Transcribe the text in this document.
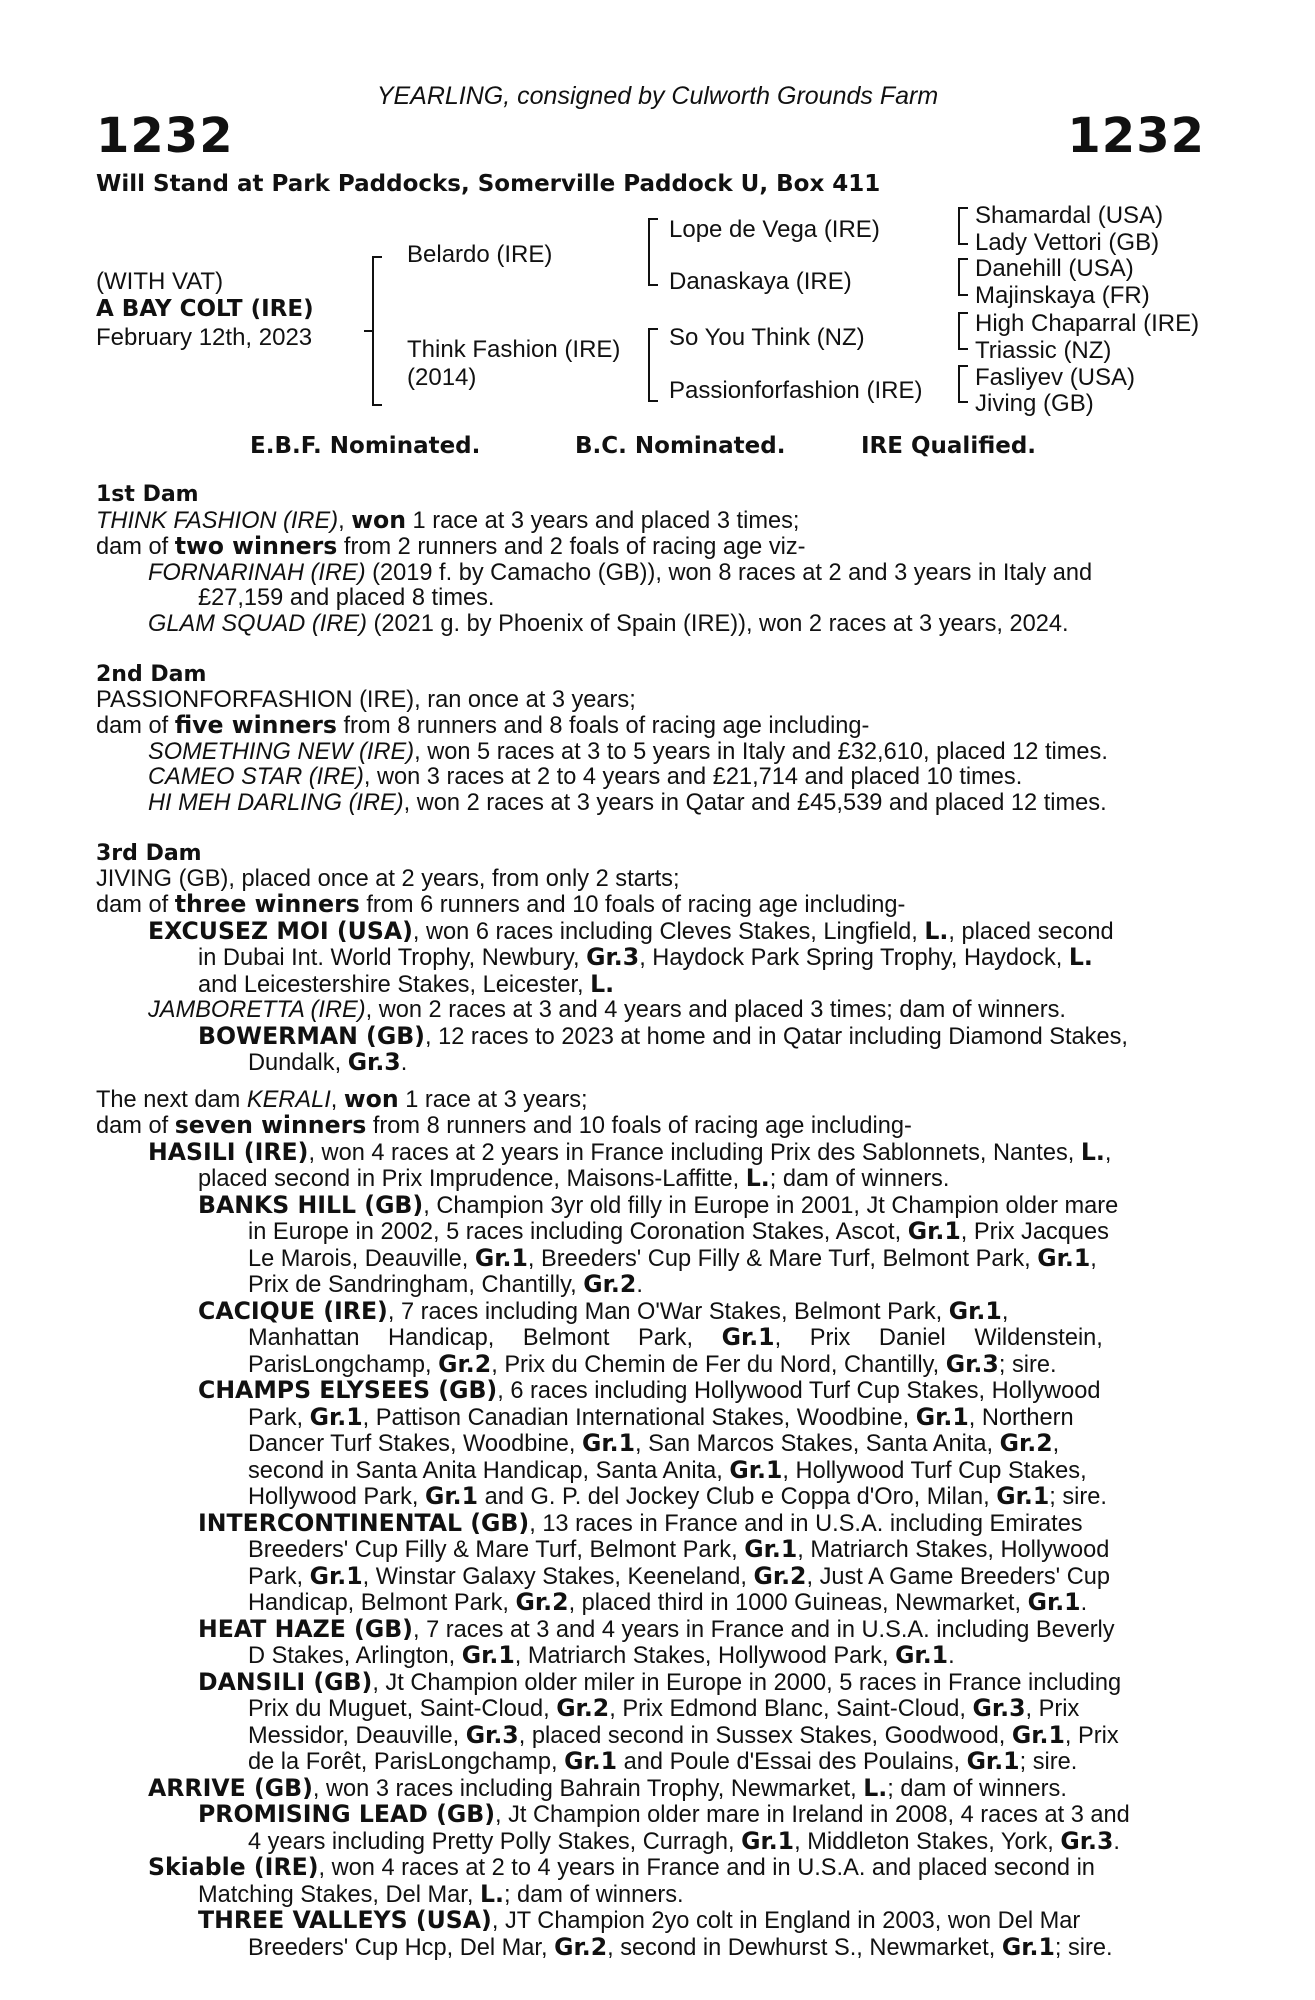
YEARLING, consigned by Culworth Grounds Farm
1232	1232
Will Stand at Park Paddocks, Somerville Paddock U, Box 411
(WITH VAT)
A BAY COLT (IRE)
February 12th, 2023
Belardo (IRE)
Think Fashion (IRE)
(2014)
Lope de Vega (IRE)
Danaskaya (IRE)
So You Think (NZ)
Passionforfashion (IRE)
Shamardal (USA)
Lady Vettori (GB)
Danehill (USA)
Majinskaya (FR)
High Chaparral (IRE)
Triassic (NZ)
Fasliyev (USA)
Jiving (GB)
E.B.F. Nominated.	B.C. Nominated.	IRE Qualified.
1st Dam
THINK FASHION (IRE), won 1 race at 3 years and placed 3 times;
dam of two winners from 2 runners and 2 foals of racing age viz-
FORNARINAH (IRE) (2019 f. by Camacho (GB)), won 8 races at 2 and 3 years in Italy and
£27,159 and placed 8 times.
GLAM SQUAD (IRE) (2021 g. by Phoenix of Spain (IRE)), won 2 races at 3 years, 2024.
2nd Dam
PASSIONFORFASHION (IRE), ran once at 3 years;
dam of five winners from 8 runners and 8 foals of racing age including-
SOMETHING NEW (IRE), won 5 races at 3 to 5 years in Italy and £32,610, placed 12 times.
CAMEO STAR (IRE), won 3 races at 2 to 4 years and £21,714 and placed 10 times.
HI MEH DARLING (IRE), won 2 races at 3 years in Qatar and £45,539 and placed 12 times.
3rd Dam
JIVING (GB), placed once at 2 years, from only 2 starts;
dam of three winners from 6 runners and 10 foals of racing age including-
EXCUSEZ MOI (USA), won 6 races including Cleves Stakes, Lingfield, L., placed second
in Dubai Int. World Trophy, Newbury, Gr.3, Haydock Park Spring Trophy, Haydock, L.
and Leicestershire Stakes, Leicester, L.
JAMBORETTA (IRE), won 2 races at 3 and 4 years and placed 3 times; dam of winners.
BOWERMAN (GB), 12 races to 2023 at home and in Qatar including Diamond Stakes,
Dundalk, Gr.3.
The next dam KERALI, won 1 race at 3 years;
dam of seven winners from 8 runners and 10 foals of racing age including-
HASILI (IRE), won 4 races at 2 years in France including Prix des Sablonnets, Nantes, L.,
placed second in Prix Imprudence, Maisons-Laffitte, L.; dam of winners.
BANKS HILL (GB), Champion 3yr old filly in Europe in 2001, Jt Champion older mare
in Europe in 2002, 5 races including Coronation Stakes, Ascot, Gr.1, Prix Jacques
Le Marois, Deauville, Gr.1, Breeders' Cup Filly & Mare Turf, Belmont Park, Gr.1,
Prix de Sandringham, Chantilly, Gr.2.
CACIQUE (IRE), 7 races including Man O'War Stakes, Belmont Park, Gr.1,
Manhattan Handicap, Belmont Park, Gr.1, Prix Daniel Wildenstein,
ParisLongchamp, Gr.2, Prix du Chemin de Fer du Nord, Chantilly, Gr.3; sire.
CHAMPS ELYSEES (GB), 6 races including Hollywood Turf Cup Stakes, Hollywood
Park, Gr.1, Pattison Canadian International Stakes, Woodbine, Gr.1, Northern
Dancer Turf Stakes, Woodbine, Gr.1, San Marcos Stakes, Santa Anita, Gr.2,
second in Santa Anita Handicap, Santa Anita, Gr.1, Hollywood Turf Cup Stakes,
Hollywood Park, Gr.1 and G. P. del Jockey Club e Coppa d'Oro, Milan, Gr.1; sire.
INTERCONTINENTAL (GB), 13 races in France and in U.S.A. including Emirates
Breeders' Cup Filly & Mare Turf, Belmont Park, Gr.1, Matriarch Stakes, Hollywood
Park, Gr.1, Winstar Galaxy Stakes, Keeneland, Gr.2, Just A Game Breeders' Cup
Handicap, Belmont Park, Gr.2, placed third in 1000 Guineas, Newmarket, Gr.1.
HEAT HAZE (GB), 7 races at 3 and 4 years in France and in U.S.A. including Beverly
D Stakes, Arlington, Gr.1, Matriarch Stakes, Hollywood Park, Gr.1.
DANSILI (GB), Jt Champion older miler in Europe in 2000, 5 races in France including
Prix du Muguet, Saint-Cloud, Gr.2, Prix Edmond Blanc, Saint-Cloud, Gr.3, Prix
Messidor, Deauville, Gr.3, placed second in Sussex Stakes, Goodwood, Gr.1, Prix
de la Forêt, ParisLongchamp, Gr.1 and Poule d'Essai des Poulains, Gr.1; sire.
ARRIVE (GB), won 3 races including Bahrain Trophy, Newmarket, L.; dam of winners.
PROMISING LEAD (GB), Jt Champion older mare in Ireland in 2008, 4 races at 3 and
4 years including Pretty Polly Stakes, Curragh, Gr.1, Middleton Stakes, York, Gr.3.
Skiable (IRE), won 4 races at 2 to 4 years in France and in U.S.A. and placed second in
Matching Stakes, Del Mar, L.; dam of winners.
THREE VALLEYS (USA), JT Champion 2yo colt in England in 2003, won Del Mar
Breeders' Cup Hcp, Del Mar, Gr.2, second in Dewhurst S., Newmarket, Gr.1; sire.
